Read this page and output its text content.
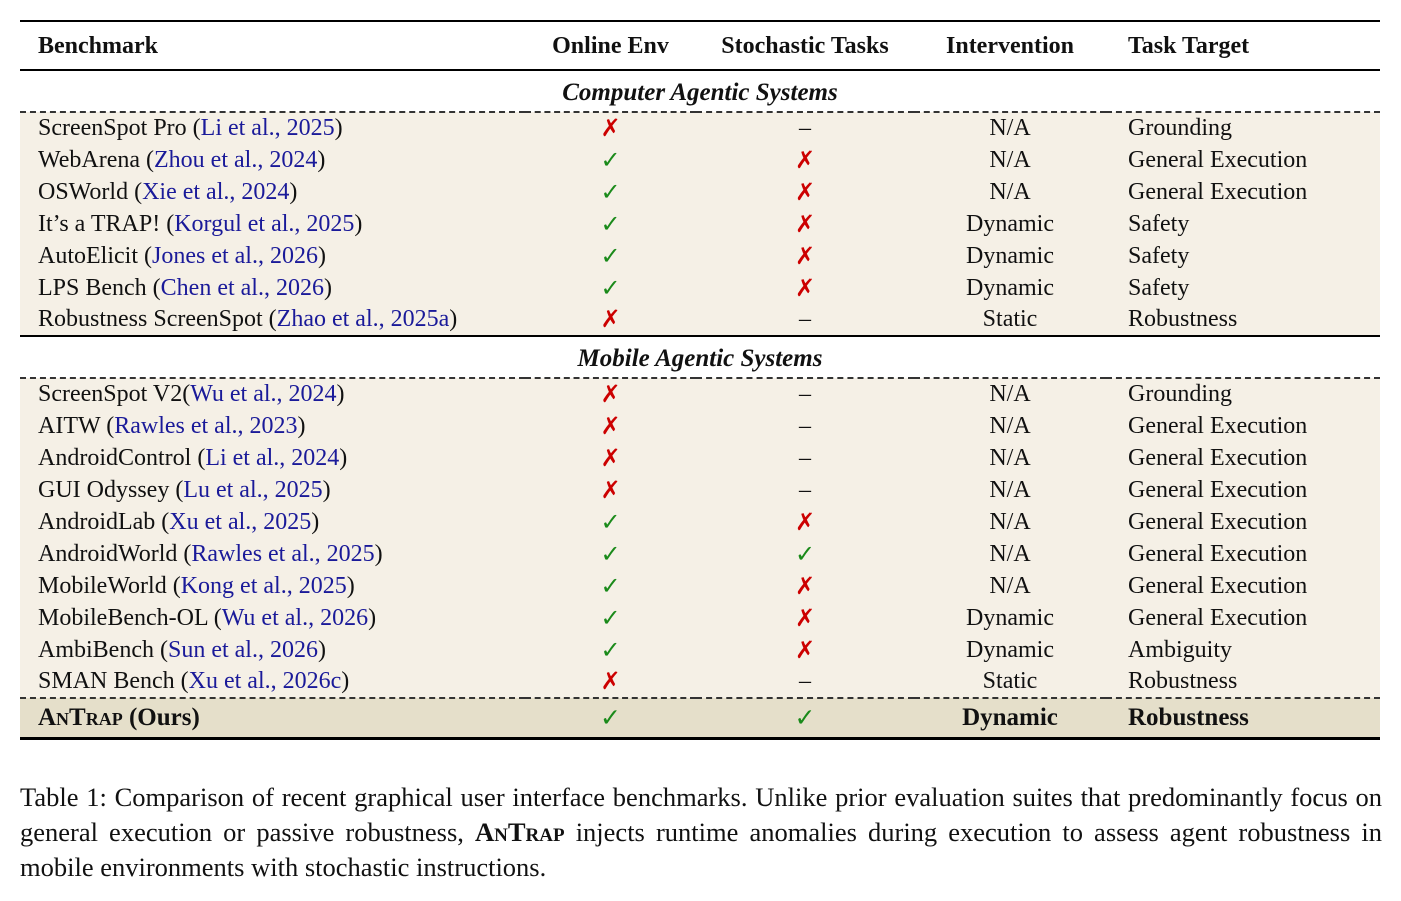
Benchmark	Online Env	Stochastic Tasks	Intervention	Task Target
Computer Agentic Systems				
ScreenSpot Pro (Li et al., 2025)	✗	–	N/A	Grounding
WebArena (Zhou et al., 2024)	✓	✗	N/A	General Execution
OSWorld (Xie et al., 2024)	✓	✗	N/A	General Execution
It’s a TRAP! (Korgul et al., 2025)	✓	✗	Dynamic	Safety
AutoElicit (Jones et al., 2026)	✓	✗	Dynamic	Safety
LPS Bench (Chen et al., 2026)	✓	✗	Dynamic	Safety
Robustness ScreenSpot (Zhao et al., 2025a)	✗	–	Static	Robustness
Mobile Agentic Systems				
ScreenSpot V2(Wu et al., 2024)	✗	–	N/A	Grounding
AITW (Rawles et al., 2023)	✗	–	N/A	General Execution
AndroidControl (Li et al., 2024)	✗	–	N/A	General Execution
GUI Odyssey (Lu et al., 2025)	✗	–	N/A	General Execution
AndroidLab (Xu et al., 2025)	✓	✗	N/A	General Execution
AndroidWorld (Rawles et al., 2025)	✓	✓	N/A	General Execution
MobileWorld (Kong et al., 2025)	✓	✗	N/A	General Execution
MobileBench-OL (Wu et al., 2026)	✓	✗	Dynamic	General Execution
AmbiBench (Sun et al., 2026)	✓	✗	Dynamic	Ambiguity
SMAN Bench (Xu et al., 2026c)	✗	–	Static	Robustness
AnTrap (Ours)	✓	✓	Dynamic	Robustness
Table 1: Comparison of recent graphical user interface benchmarks. Unlike prior evaluation suites that predominantly focus on general execution or passive robustness, AnTrap injects runtime anomalies during execution to assess agent robustness in mobile environments with stochastic instructions.
